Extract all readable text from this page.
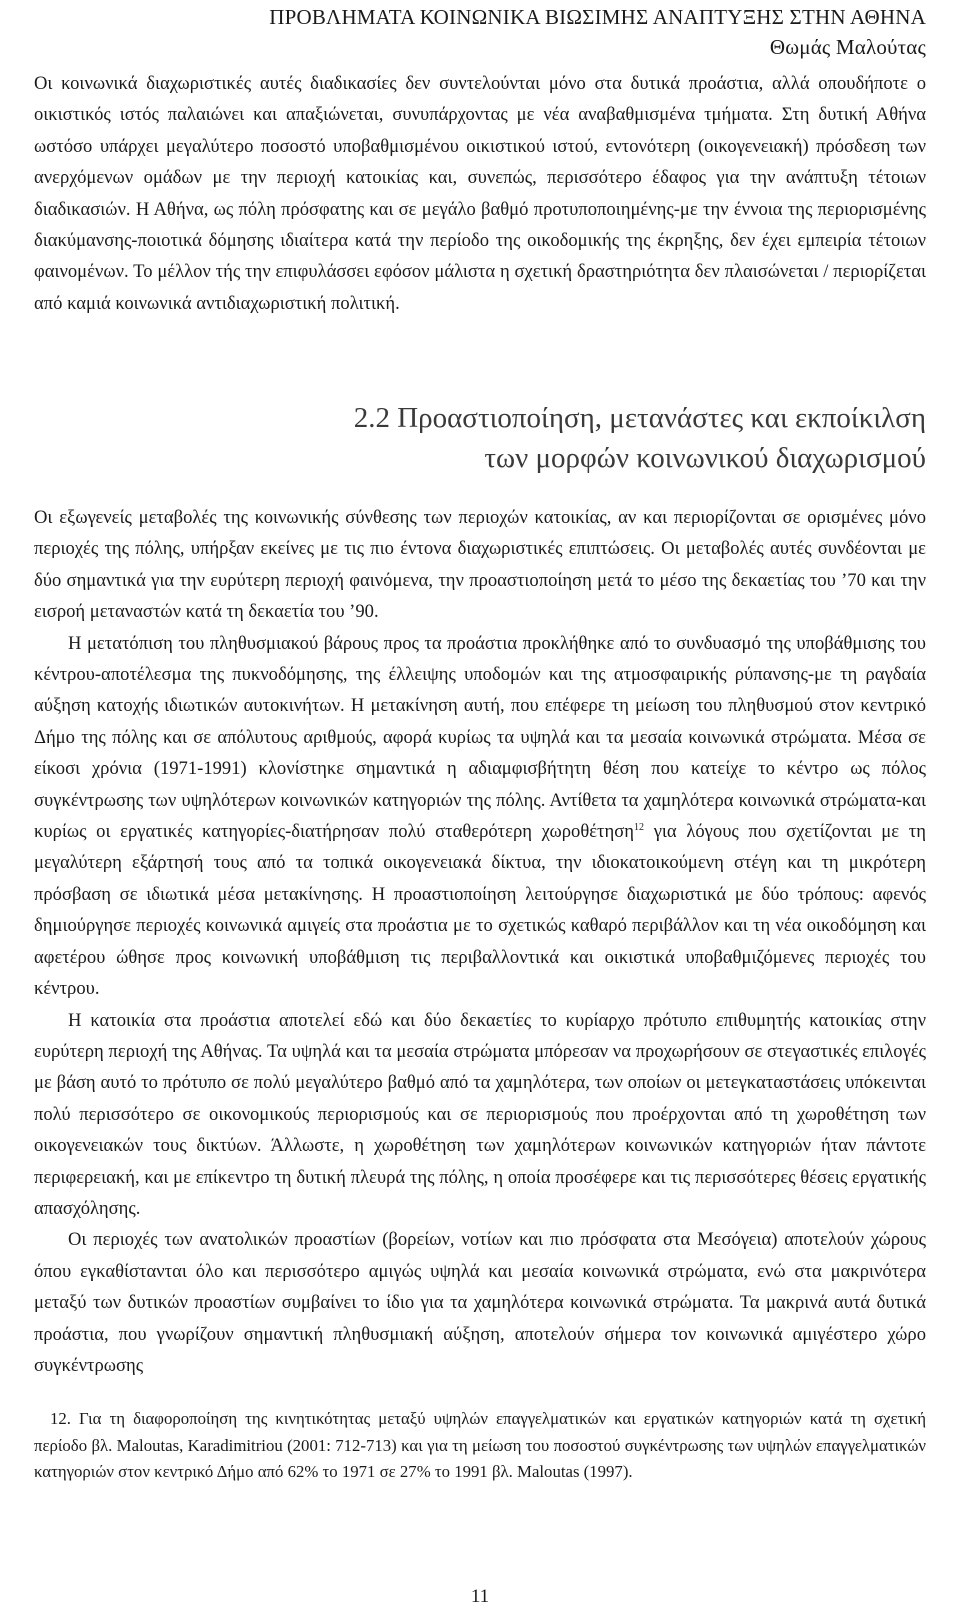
ΠΡΟΒΛΗΜΑΤΑ ΚΟΙΝΩΝΙΚΑ ΒΙΩΣΙΜΗΣ ΑΝΑΠΤΥΞΗΣ ΣΤΗΝ ΑΘΗΝΑ
Θωμάς Μαλούτας

Οι κοινωνικά διαχωριστικές αυτές διαδικασίες δεν συντελούνται μόνο στα δυτικά προάστια, αλλά οπουδήποτε ο οικιστικός ιστός παλαιώνει και απαξιώνεται, συνυπάρχοντας με νέα αναβαθμισμένα τμήματα. Στη δυτική Αθήνα ωστόσο υπάρχει μεγαλύτερο ποσοστό υποβαθμισμένου οικιστικού ιστού, εντονότερη (οικογενειακή) πρόσδεση των ανερχόμενων ομάδων με την περιοχή κατοικίας και, συνεπώς, περισσότερο έδαφος για την ανάπτυξη τέτοιων διαδικασιών. Η Αθήνα, ως πόλη πρόσφατης και σε μεγάλο βαθμό προτυποποιημένης-με την έννοια της περιορισμένης διακύμανσης-ποιοτικά δόμησης ιδιαίτερα κατά την περίοδο της οικοδομικής της έκρηξης, δεν έχει εμπειρία τέτοιων φαινομένων. Το μέλλον τής την επιφυλάσσει εφόσον μάλιστα η σχετική δραστηριότητα δεν πλαισώνεται / περιορίζεται από καμιά κοινωνικά αντιδιαχωριστική πολιτική.

2.2 Προαστιοποίηση, μετανάστες και εκποίκιλση
των μορφών κοινωνικού διαχωρισμού

Οι εξωγενείς μεταβολές της κοινωνικής σύνθεσης των περιοχών κατοικίας, αν και περιορίζονται σε ορισμένες μόνο περιοχές της πόλης, υπήρξαν εκείνες με τις πιο έντονα διαχωριστικές επιπτώσεις. Οι μεταβολές αυτές συνδέονται με δύο σημαντικά για την ευρύτερη περιοχή φαινόμενα, την προαστιοποίηση μετά το μέσο της δεκαετίας του ’70 και την εισροή μεταναστών κατά τη δεκαετία του ’90.

Η μετατόπιση του πληθυσμιακού βάρους προς τα προάστια προκλήθηκε από το συνδυασμό της υποβάθμισης του κέντρου-αποτέλεσμα της πυκνοδόμησης, της έλλειψης υποδομών και της ατμοσφαιρικής ρύπανσης-με τη ραγδαία αύξηση κατοχής ιδιωτικών αυτοκινήτων. Η μετακίνηση αυτή, που επέφερε τη μείωση του πληθυσμού στον κεντρικό Δήμο της πόλης και σε απόλυτους αριθμούς, αφορά κυρίως τα υψηλά και τα μεσαία κοινωνικά στρώματα. Μέσα σε είκοσι χρόνια (1971-1991) κλονίστηκε σημαντικά η αδιαμφισβήτητη θέση που κατείχε το κέντρο ως πόλος συγκέντρωσης των υψηλότερων κοινωνικών κατηγοριών της πόλης. Αντίθετα τα χαμηλότερα κοινωνικά στρώματα-και κυρίως οι εργατικές κατηγορίες-διατήρησαν πολύ σταθερότερη χωροθέτηση$^{12}$ για λόγους που σχετίζονται με τη μεγαλύτερη εξάρτησή τους από τα τοπικά οικογενειακά δίκτυα, την ιδιοκατοικούμενη στέγη και τη μικρότερη πρόσβαση σε ιδιωτικά μέσα μετακίνησης. Η προαστιοποίηση λειτούργησε διαχωριστικά με δύο τρόπους: αφενός δημιούργησε περιοχές κοινωνικά αμιγείς στα προάστια με το σχετικώς καθαρό περιβάλλον και τη νέα οικοδόμηση και αφετέρου ώθησε προς κοινωνική υποβάθμιση τις περιβαλλοντικά και οικιστικά υποβαθμιζόμενες περιοχές του κέντρου.

Η κατοικία στα προάστια αποτελεί εδώ και δύο δεκαετίες το κυρίαρχο πρότυπο επιθυμητής κατοικίας στην ευρύτερη περιοχή της Αθήνας. Τα υψηλά και τα μεσαία στρώματα μπόρεσαν να προχωρήσουν σε στεγαστικές επιλογές με βάση αυτό το πρότυπο σε πολύ μεγαλύτερο βαθμό από τα χαμηλότερα, των οποίων οι μετεγκαταστάσεις υπόκεινται πολύ περισσότερο σε οικονομικούς περιορισμούς και σε περιορισμούς που προέρχονται από τη χωροθέτηση των οικογενειακών τους δικτύων. Άλλωστε, η χωροθέτηση των χαμηλότερων κοινωνικών κατηγοριών ήταν πάντοτε περιφερειακή, και με επίκεντρο τη δυτική πλευρά της πόλης, η οποία προσέφερε και τις περισσότερες θέσεις εργατικής απασχόλησης.

Οι περιοχές των ανατολικών προαστίων (βορείων, νοτίων και πιο πρόσφατα στα Μεσόγεια) αποτελούν χώρους όπου εγκαθίστανται όλο και περισσότερο αμιγώς υψηλά και μεσαία κοινωνικά στρώματα, ενώ στα μακρινότερα μεταξύ των δυτικών προαστίων συμβαίνει το ίδιο για τα χαμηλότερα κοινωνικά στρώματα. Τα μακρινά αυτά δυτικά προάστια, που γνωρίζουν σημαντική πληθυσμιακή αύξηση, αποτελούν σήμερα τον κοινωνικά αμιγέστερο χώρο συγκέντρωσης

12. Για τη διαφοροποίηση της κινητικότητας μεταξύ υψηλών επαγγελματικών και εργατικών κατηγοριών κατά τη σχετική περίοδο βλ. Maloutas, Karadimitriou (2001: 712-713) και για τη μείωση του ποσοστού συγκέντρωσης των υψηλών επαγγελματικών κατηγοριών στον κεντρικό Δήμο από 62% το 1971 σε 27% το 1991 βλ. Maloutas (1997).

11
